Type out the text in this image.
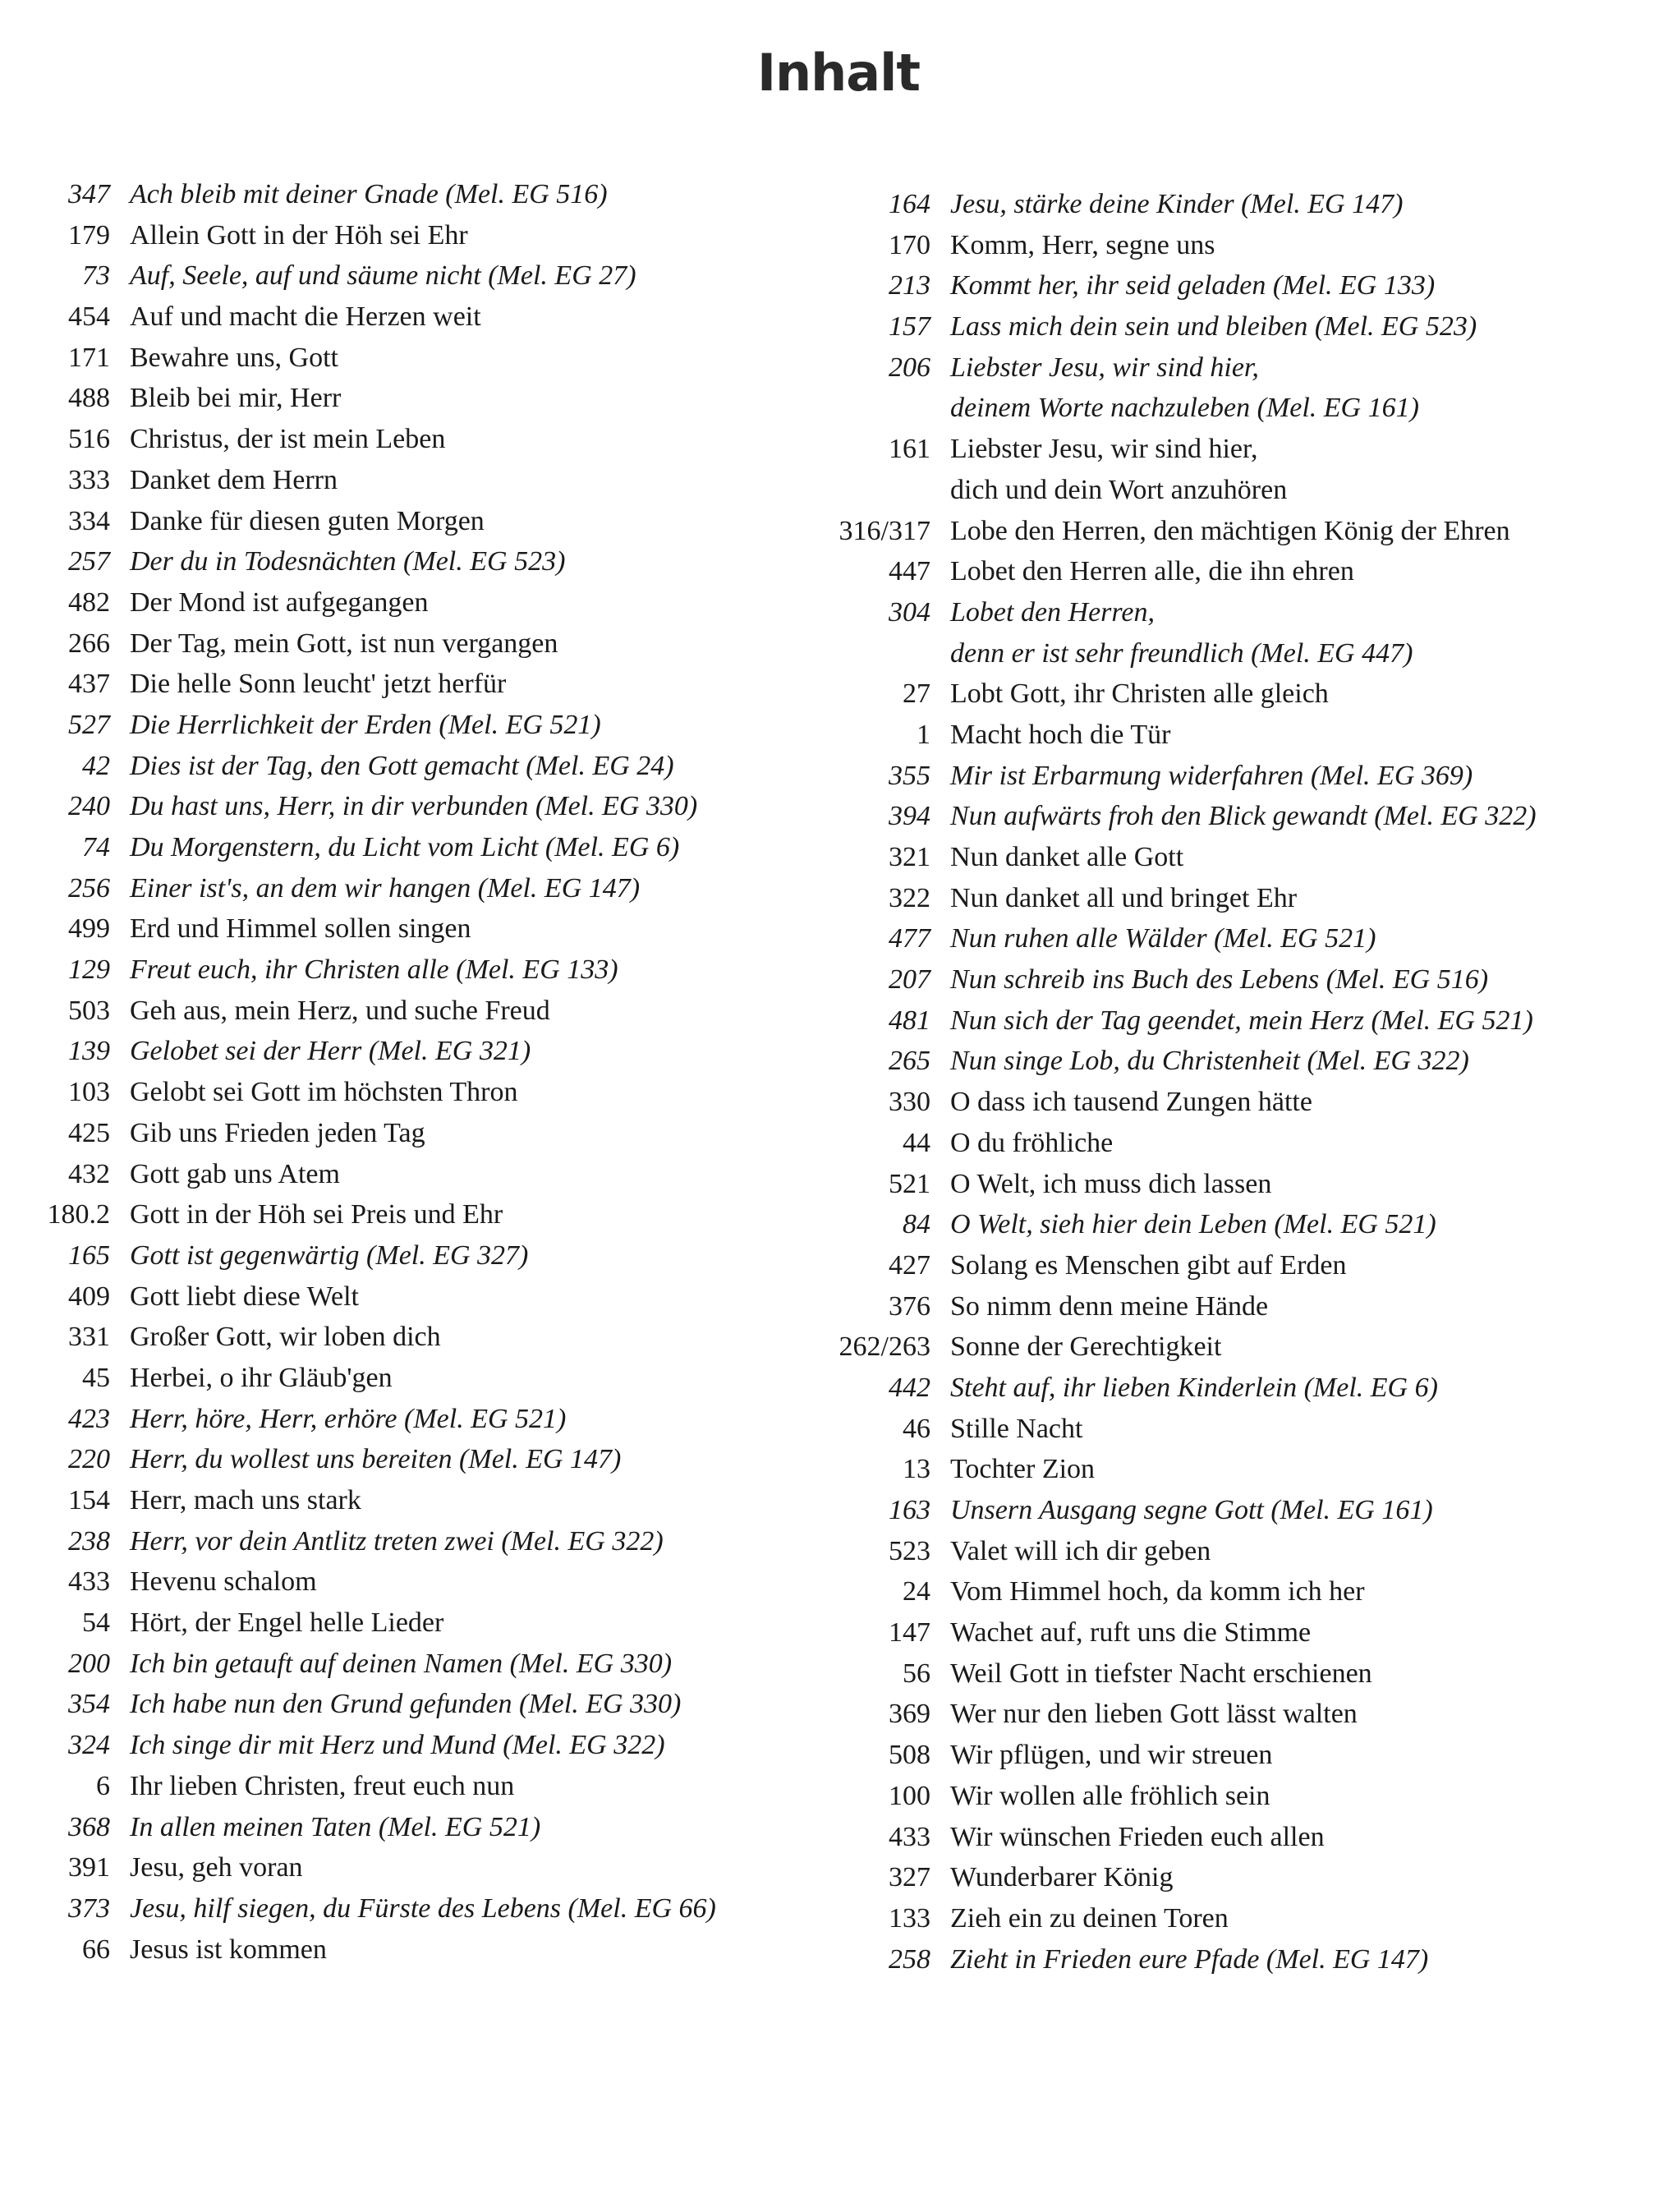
Inhalt
347 Ach bleib mit deiner Gnade (Mel. EG 516)
179 Allein Gott in der Höh sei Ehr
73 Auf, Seele, auf und säume nicht (Mel. EG 27)
454 Auf und macht die Herzen weit
171 Bewahre uns, Gott
488 Bleib bei mir, Herr
516 Christus, der ist mein Leben
333 Danket dem Herrn
334 Danke für diesen guten Morgen
257 Der du in Todesnächten (Mel. EG 523)
482 Der Mond ist aufgegangen
266 Der Tag, mein Gott, ist nun vergangen
437 Die helle Sonn leucht' jetzt herfür
527 Die Herrlichkeit der Erden (Mel. EG 521)
42 Dies ist der Tag, den Gott gemacht (Mel. EG 24)
240 Du hast uns, Herr, in dir verbunden (Mel. EG 330)
74 Du Morgenstern, du Licht vom Licht (Mel. EG 6)
256 Einer ist's, an dem wir hangen (Mel. EG 147)
499 Erd und Himmel sollen singen
129 Freut euch, ihr Christen alle (Mel. EG 133)
503 Geh aus, mein Herz, und suche Freud
139 Gelobet sei der Herr (Mel. EG 321)
103 Gelobt sei Gott im höchsten Thron
425 Gib uns Frieden jeden Tag
432 Gott gab uns Atem
180.2 Gott in der Höh sei Preis und Ehr
165 Gott ist gegenwärtig (Mel. EG 327)
409 Gott liebt diese Welt
331 Großer Gott, wir loben dich
45 Herbei, o ihr Gläub'gen
423 Herr, höre, Herr, erhöre (Mel. EG 521)
220 Herr, du wollest uns bereiten (Mel. EG 147)
154 Herr, mach uns stark
238 Herr, vor dein Antlitz treten zwei (Mel. EG 322)
433 Hevenu schalom
54 Hört, der Engel helle Lieder
200 Ich bin getauft auf deinen Namen (Mel. EG 330)
354 Ich habe nun den Grund gefunden (Mel. EG 330)
324 Ich singe dir mit Herz und Mund (Mel. EG 322)
6 Ihr lieben Christen, freut euch nun
368 In allen meinen Taten (Mel. EG 521)
391 Jesu, geh voran
373 Jesu, hilf siegen, du Fürste des Lebens (Mel. EG 66)
66 Jesus ist kommen
164 Jesu, stärke deine Kinder (Mel. EG 147)
170 Komm, Herr, segne uns
213 Kommt her, ihr seid geladen (Mel. EG 133)
157 Lass mich dein sein und bleiben (Mel. EG 523)
206 Liebster Jesu, wir sind hier,
deinem Worte nachzuleben (Mel. EG 161)
161 Liebster Jesu, wir sind hier,
dich und dein Wort anzuhören
316/317 Lobe den Herren, den mächtigen König der Ehren
447 Lobet den Herren alle, die ihn ehren
304 Lobet den Herren,
denn er ist sehr freundlich (Mel. EG 447)
27 Lobt Gott, ihr Christen alle gleich
1 Macht hoch die Tür
355 Mir ist Erbarmung widerfahren (Mel. EG 369)
394 Nun aufwärts froh den Blick gewandt (Mel. EG 322)
321 Nun danket alle Gott
322 Nun danket all und bringet Ehr
477 Nun ruhen alle Wälder (Mel. EG 521)
207 Nun schreib ins Buch des Lebens (Mel. EG 516)
481 Nun sich der Tag geendet, mein Herz (Mel. EG 521)
265 Nun singe Lob, du Christenheit (Mel. EG 322)
330 O dass ich tausend Zungen hätte
44 O du fröhliche
521 O Welt, ich muss dich lassen
84 O Welt, sieh hier dein Leben (Mel. EG 521)
427 Solang es Menschen gibt auf Erden
376 So nimm denn meine Hände
262/263 Sonne der Gerechtigkeit
442 Steht auf, ihr lieben Kinderlein (Mel. EG 6)
46 Stille Nacht
13 Tochter Zion
163 Unsern Ausgang segne Gott (Mel. EG 161)
523 Valet will ich dir geben
24 Vom Himmel hoch, da komm ich her
147 Wachet auf, ruft uns die Stimme
56 Weil Gott in tiefster Nacht erschienen
369 Wer nur den lieben Gott lässt walten
508 Wir pflügen, und wir streuen
100 Wir wollen alle fröhlich sein
433 Wir wünschen Frieden euch allen
327 Wunderbarer König
133 Zieh ein zu deinen Toren
258 Zieht in Frieden eure Pfade (Mel. EG 147)
